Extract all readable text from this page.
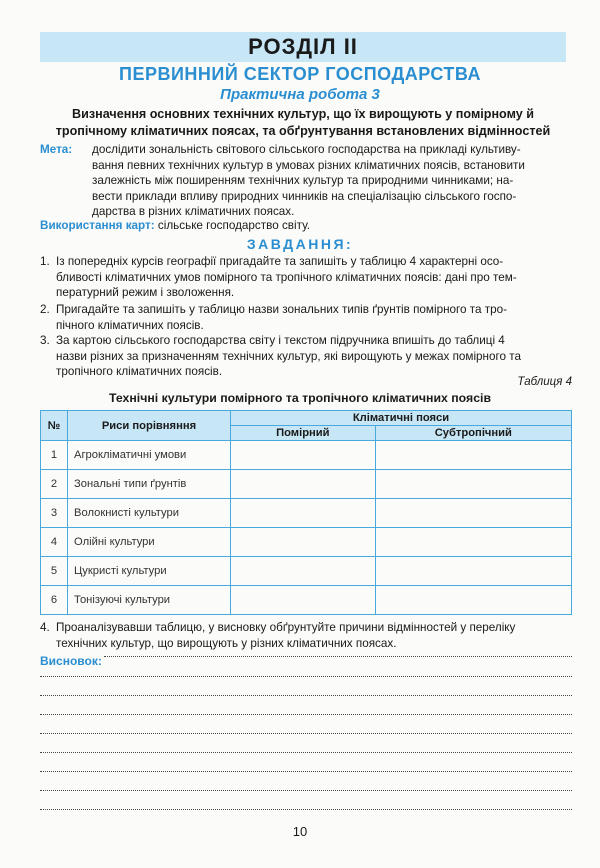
РОЗДІЛ II
ПЕРВИННИЙ СЕКТОР ГОСПОДАРСТВА
Практична робота 3
Визначення основних технічних культур, що їх вирощують у помірному й
тропічному кліматичних поясах, та обґрунтування встановлених відмінностей
Мета: дослідити зональність світового сільського господарства на прикладі культиву-
вання певних технічних культур в умовах різних кліматичних поясів, встановити
залежність між поширенням технічних культур та природними чинниками; на-
вести приклади впливу природних чинників на спеціалізацію сільського госпо-
дарства в різних кліматичних поясах.
Використання карт: сільське господарство світу.
ЗАВДАННЯ:
1. Із попередніх курсів географії пригадайте та запишіть у таблицю 4 характерні осо-
бливості кліматичних умов помірного та тропічного кліматичних поясів: дані про тем-
пературний режим і зволоження.
2. Пригадайте та запишіть у таблицю назви зональних типів ґрунтів помірного та тро-
пічного кліматичних поясів.
3. За картою сільського господарства світу і текстом підручника впишіть до таблиці 4
назви різних за призначенням технічних культур, які вирощують у межах помірного та
тропічного кліматичних поясів.
Таблиця 4
Технічні культури помірного та тропічного кліматичних поясів
№	Риси порівняння	Кліматичні пояси	
		Помірний	Субтропічний
1	Агрокліматичні умови		
2	Зональні типи ґрунтів		
3	Волокнисті культури		
4	Олійні культури		
5	Цукристі культури		
6	Тонізуючі культури		
4. Проаналізувавши таблицю, у висновку обґрунтуйте причини відмінностей у переліку
технічних культур, що вирощують у різних кліматичних поясах.
Висновок:
10
